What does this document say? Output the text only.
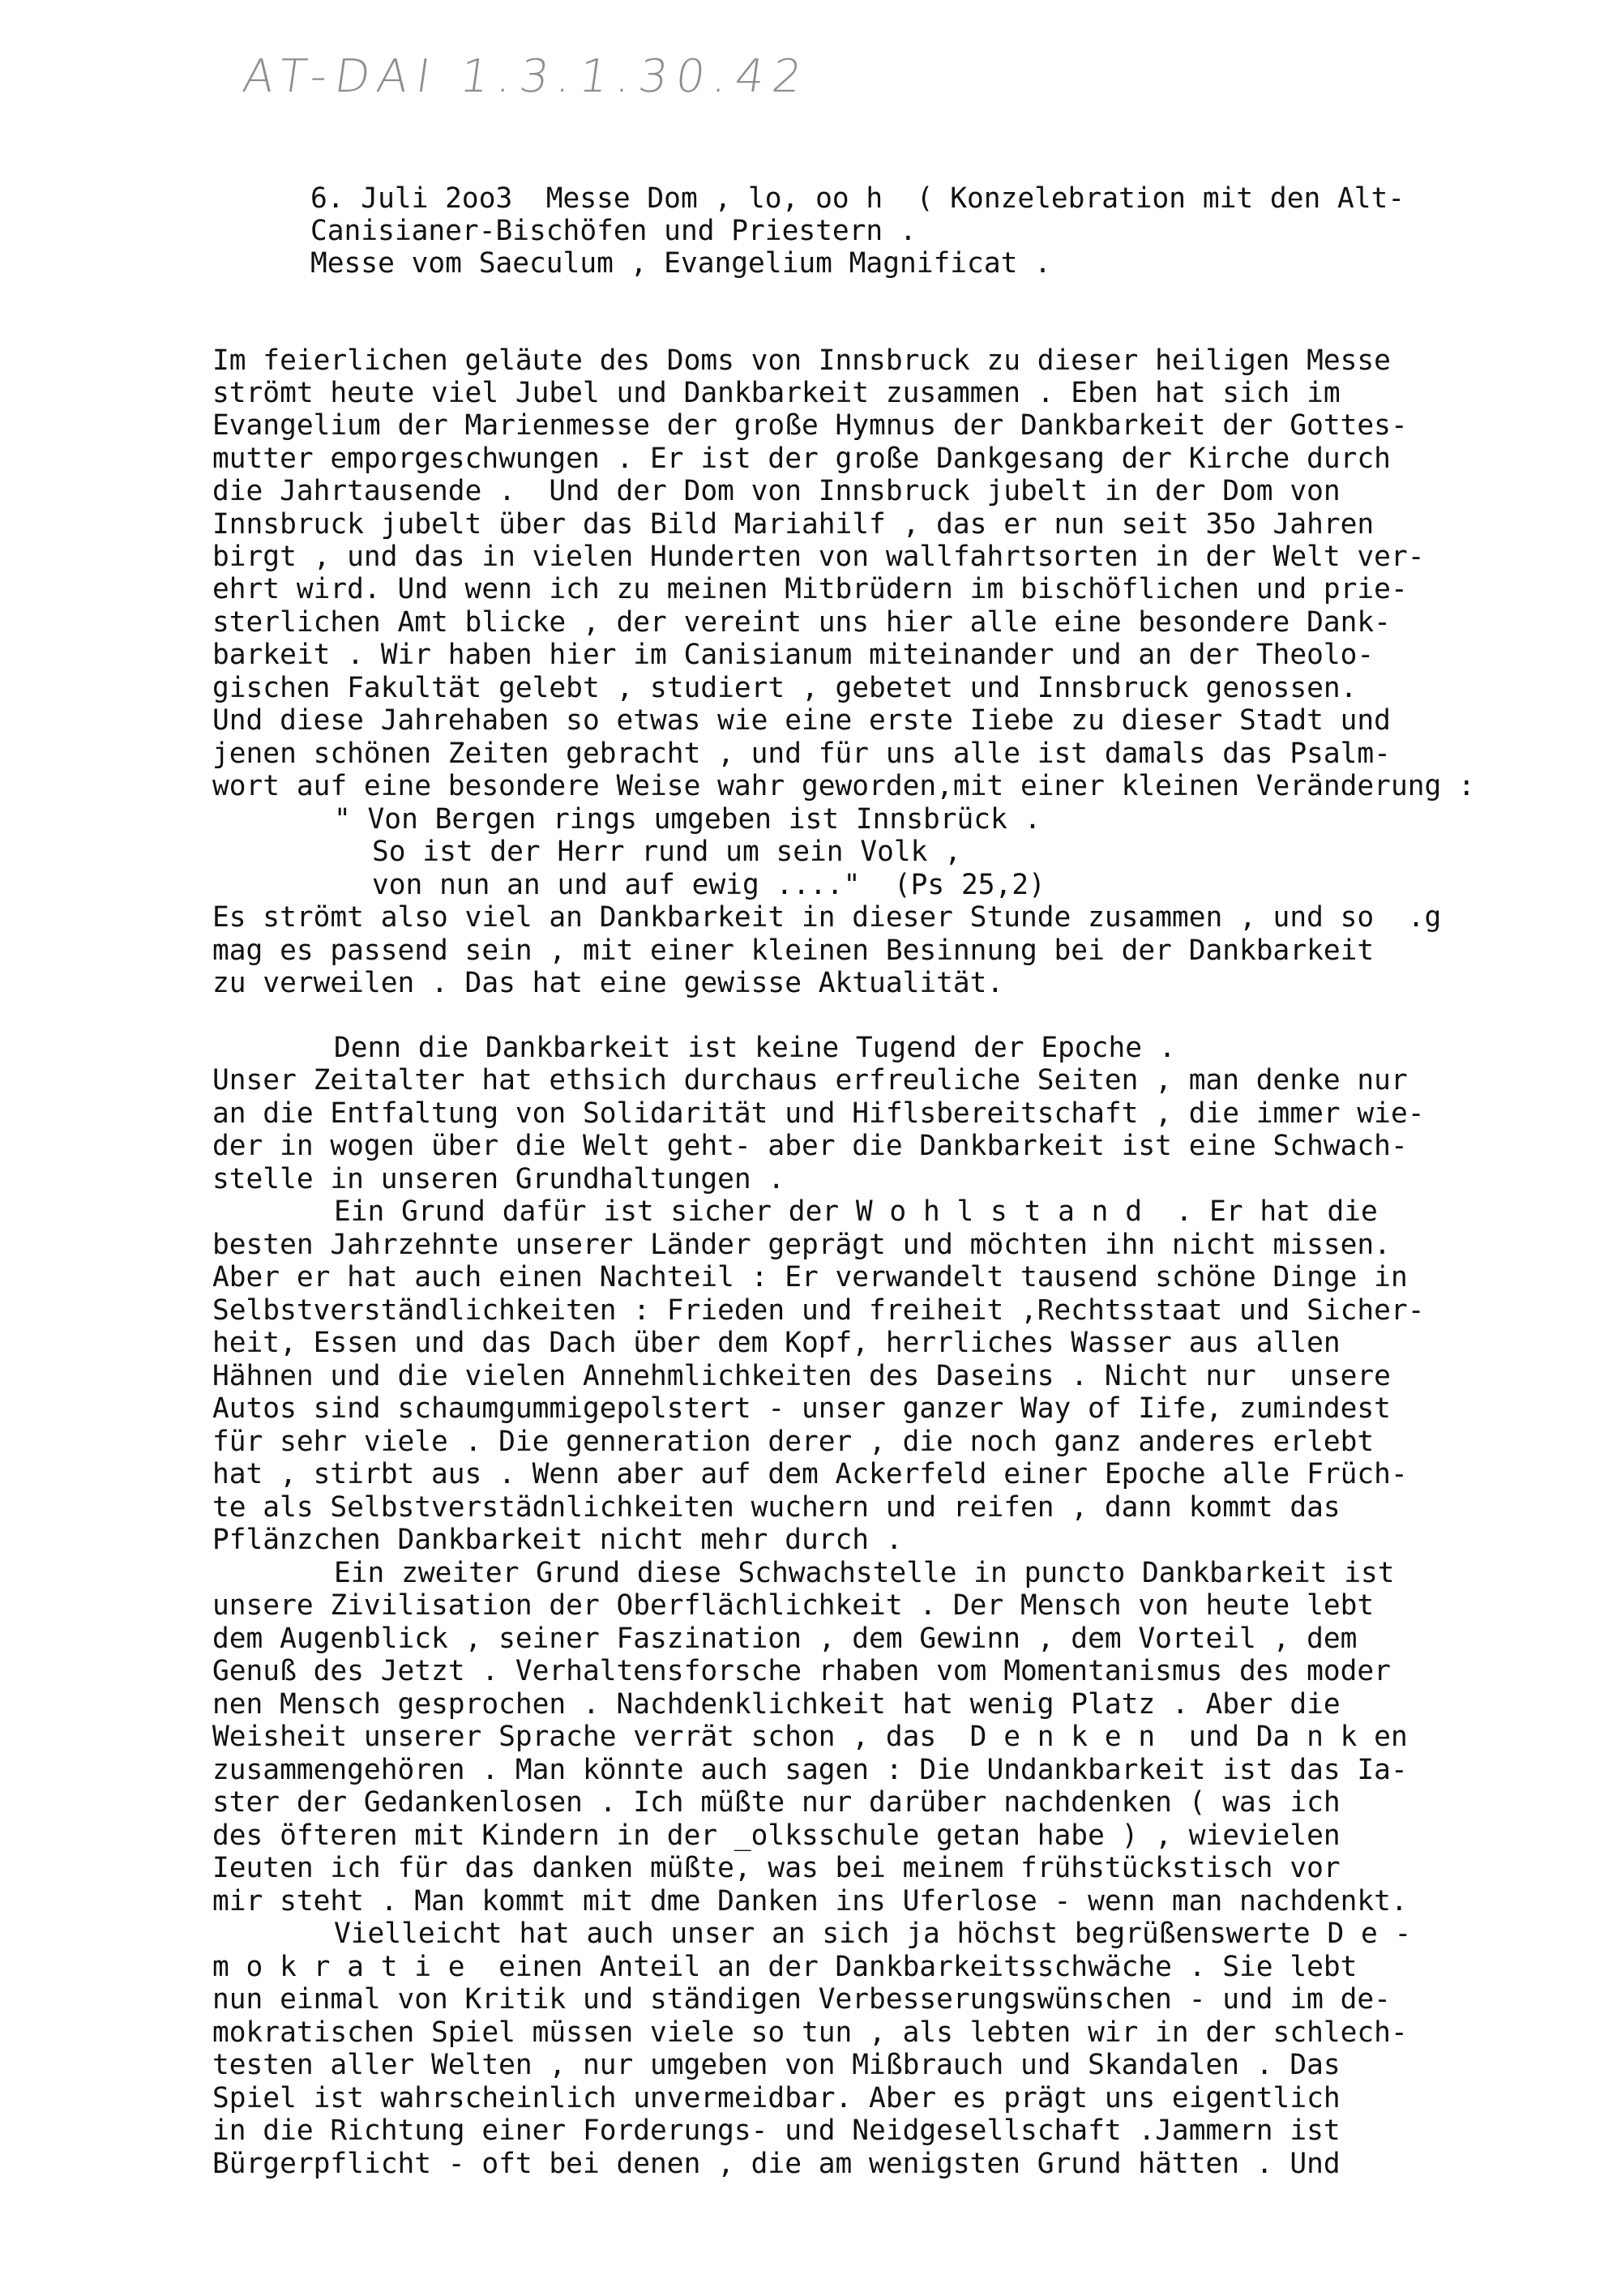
AT-DAI 1.3.1.30.42
6. Juli 2oo3  Messe Dom , lo, oo h  ( Konzelebration mit den Alt-
Canisianer-Bischöfen und Priestern .
Messe vom Saeculum , Evangelium Magnificat .
Im feierlichen geläute des Doms von Innsbruck zu dieser heiligen Messe
strömt heute viel Jubel und Dankbarkeit zusammen . Eben hat sich im
Evangelium der Marienmesse der große Hymnus der Dankbarkeit der Gottes-
mutter emporgeschwungen . Er ist der große Dankgesang der Kirche durch
die Jahrtausende .  Und der Dom von Innsbruck jubelt in der Dom von
Innsbruck jubelt über das Bild Mariahilf , das er nun seit 35o Jahren
birgt , und das in vielen Hunderten von wallfahrtsorten in der Welt ver-
ehrt wird. Und wenn ich zu meinen Mitbrüdern im bischöflichen und prie-
sterlichen Amt blicke , der vereint uns hier alle eine besondere Dank-
barkeit . Wir haben hier im Canisianum miteinander und an der Theolo-
gischen Fakultät gelebt , studiert , gebetet und Innsbruck genossen.
Und diese Jahrehaben so etwas wie eine erste Iiebe zu dieser Stadt und
jenen schönen Zeiten gebracht , und für uns alle ist damals das Psalm-
wort auf eine besondere Weise wahr geworden,mit einer kleinen Veränderung :
" Von Bergen rings umgeben ist Innsbrück .
So ist der Herr rund um sein Volk ,
von nun an und auf ewig ...."  (Ps 25,2)
Es strömt also viel an Dankbarkeit in dieser Stunde zusammen , und so  .g
mag es passend sein , mit einer kleinen Besinnung bei der Dankbarkeit
zu verweilen . Das hat eine gewisse Aktualität.
Denn die Dankbarkeit ist keine Tugend der Epoche .
Unser Zeitalter hat ethsich durchaus erfreuliche Seiten , man denke nur
an die Entfaltung von Solidarität und Hiflsbereitschaft , die immer wie-
der in wogen über die Welt geht- aber die Dankbarkeit ist eine Schwach-
stelle in unseren Grundhaltungen .
Ein Grund dafür ist sicher der W o h l s t a n d  . Er hat die
besten Jahrzehnte unserer Länder geprägt und möchten ihn nicht missen.
Aber er hat auch einen Nachteil : Er verwandelt tausend schöne Dinge in
Selbstverständlichkeiten : Frieden und freiheit ,Rechtsstaat und Sicher-
heit, Essen und das Dach über dem Kopf, herrliches Wasser aus allen
Hähnen und die vielen Annehmlichkeiten des Daseins . Nicht nur  unsere
Autos sind schaumgummigepolstert - unser ganzer Way of Iife, zumindest
für sehr viele . Die genneration derer , die noch ganz anderes erlebt
hat , stirbt aus . Wenn aber auf dem Ackerfeld einer Epoche alle Früch-
te als Selbstverstädnlichkeiten wuchern und reifen , dann kommt das
Pflänzchen Dankbarkeit nicht mehr durch .
Ein zweiter Grund diese Schwachstelle in puncto Dankbarkeit ist
unsere Zivilisation der Oberflächlichkeit . Der Mensch von heute lebt
dem Augenblick , seiner Faszination , dem Gewinn , dem Vorteil , dem
Genuß des Jetzt . Verhaltensforsche rhaben vom Momentanismus des moder
nen Mensch gesprochen . Nachdenklichkeit hat wenig Platz . Aber die
Weisheit unserer Sprache verrät schon , das  D e n k e n  und Da n k en
zusammengehören . Man könnte auch sagen : Die Undankbarkeit ist das Ia-
ster der Gedankenlosen . Ich müßte nur darüber nachdenken ( was ich
des öfteren mit Kindern in der _olksschule getan habe ) , wievielen
Ieuten ich für das danken müßte, was bei meinem frühstückstisch vor
mir steht . Man kommt mit dme Danken ins Uferlose - wenn man nachdenkt.
Vielleicht hat auch unser an sich ja höchst begrüßenswerte D e -
m o k r a t i e  einen Anteil an der Dankbarkeitsschwäche . Sie lebt
nun einmal von Kritik und ständigen Verbesserungswünschen - und im de-
mokratischen Spiel müssen viele so tun , als lebten wir in der schlech-
testen aller Welten , nur umgeben von Mißbrauch und Skandalen . Das
Spiel ist wahrscheinlich unvermeidbar. Aber es prägt uns eigentlich
in die Richtung einer Forderungs- und Neidgesellschaft .Jammern ist
Bürgerpflicht - oft bei denen , die am wenigsten Grund hätten . Und
